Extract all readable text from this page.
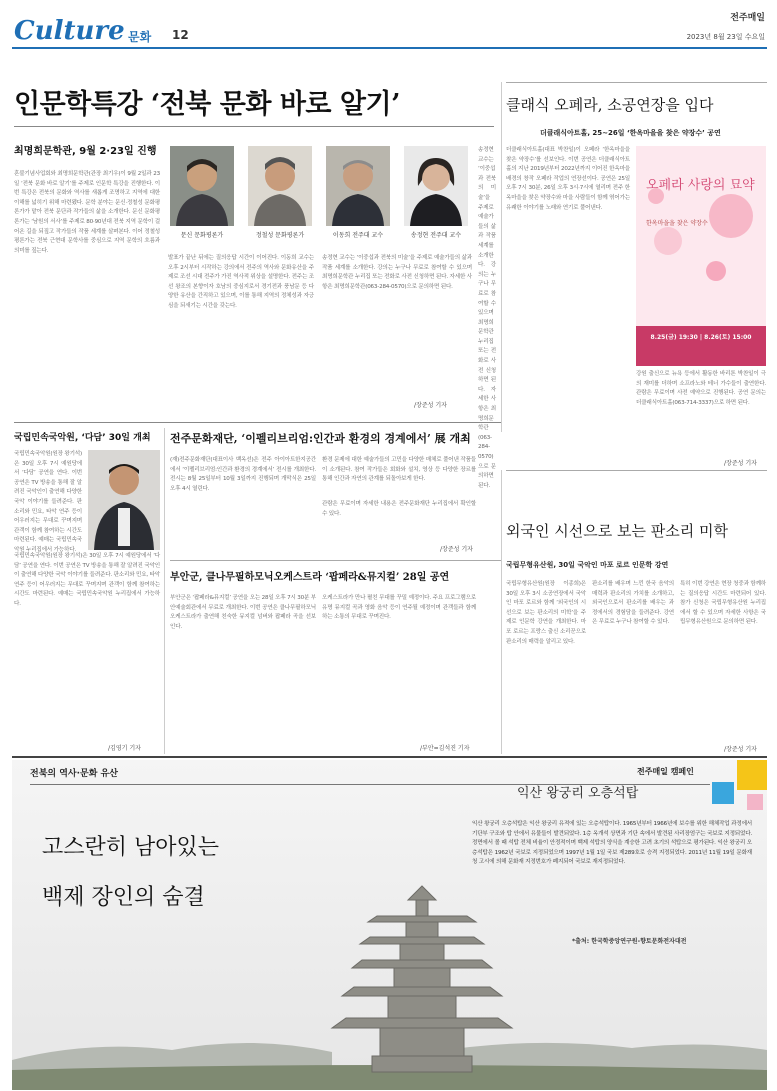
Culture 문화 12
전주매일
2023년 8월 23일 수요일
인문학특강 ‘전북 문화 바로 알기’
최명희문학관, 9월 2·23일 진행
문신 문화평론가	정철성 문화평론가	이동희 전주대 교수	송정현 전주대 교수
혼불기념사업회와 최명희문학관(관장 최기우)이 9월 2일과 23일 ‘전북 문화 바로 알기’를 주제로 인문학 특강을 진행한다. 이번 특강은 전북의 문화와 역사를 새롭게 조명하고 지역에 대한 이해를 넓히기 위해 마련됐다. 문학 분야는 문신·정철성 문화평론가가 맡아 전북 문단과 작가들의 삶을 소개한다. 문신 문화평론가는 ‘남원의 서사’를 주제로 80·90년대 전북 지역 문학이 걸어온 길을 되짚고 작가들의 작품 세계를 살펴본다. 이어 정철성 평론가는 전북 근현대 문학사를 중심으로 지역 문학의 흐름과 의미를 짚는다.
발표가 끝난 뒤에는 질의응답 시간이 이어진다. 이동희 교수는 오후 2시부터 시작하는 강의에서 전주의 역사와 문화유산을 주제로 조선 시대 전주가 가진 역사적 위상을 설명한다. 전주는 조선 왕조의 본향이자 호남의 중심지로서 경기전과 풍남문 등 다양한 유산을 간직하고 있으며, 이를 통해 지역의 정체성과 자긍심을 되새기는 시간을 갖는다.
송정현 교수는 ‘이중섭과 전북의 미술’을 주제로 예술가들의 삶과 작품 세계를 소개한다. 강의는 누구나 무료로 참여할 수 있으며 최명희문학관 누리집 또는 전화로 사전 신청하면 된다. 자세한 사항은 최명희문학관(063-284-0570)으로 문의하면 된다.
송정현 교수는 ‘이중섭과 전북의 미술’을 주제로 예술가들의 삶과 작품 세계를 소개한다. 강의는 누구나 무료로 참여할 수 있으며 최명희문학관 누리집 또는 전화로 사전 신청하면 된다. 자세한 사항은 최명희문학관(063-284-0570)으로 문의하면 된다.
/장준성 기자
클래식 오페라, 소공연장을 입다
더클래식아트홀, 25~26일 ‘한옥마을을 찾은 약장수’ 공연
더클래식아트홀(대표 박찬일)이 오페라 ‘한옥마을을 찾은 약장수’를 선보인다. 이번 공연은 더클래식아트홀의 지난 2019년부터 2022년까지 이어진 한옥마을 배경의 창작 오페라 작업의 연장선이다. 공연은 25일 오후 7시 30분, 26일 오후 3시·7시에 열리며 전주 한옥마을을 찾은 약장수와 마을 사람들이 함께 엮어가는 유쾌한 이야기를 노래와 연기로 풀어낸다.
오페라 사랑의 묘약
한옥마을을 찾은 약장수
8.25(금) 19:30 | 8.26(토) 15:00
강원 출신으로 뉴욕 등에서 활동한 바리톤 박찬일이 극의 재미를 더하며 소프라노와 테너 가수들이 출연한다. 관람은 무료이며 사전 예약으로 진행된다. 공연 문의는 더클래식아트홀(063-714-3337)으로 하면 된다.
/장준성 기자
국립민속국악원, ‘다담’ 30일 개최
국립민속국악원(원장 왕기석)은 30일 오후 7시 예원당에서 ‘다담’ 공연을 연다. 이번 공연은 TV 방송을 통해 잘 알려진 국악인이 출연해 다양한 국악 이야기를 들려준다. 판소리와 민요, 타악 연주 등이 어우러지는 무대로 꾸며지며 관객이 함께 참여하는 시간도 마련된다. 예매는 국립민속국악원 누리집에서 가능하다.
국립민속국악원(원장 왕기석)은 30일 오후 7시 예원당에서 ‘다담’ 공연을 연다. 이번 공연은 TV 방송을 통해 잘 알려진 국악인이 출연해 다양한 국악 이야기를 들려준다. 판소리와 민요, 타악 연주 등이 어우러지는 무대로 꾸며지며 관객이 함께 참여하는 시간도 마련된다. 예매는 국립민속국악원 누리집에서 가능하다.
/김영기 기자
전주문화재단, ‘이펠리브리엄:인간과 환경의 경계에서’ 展 개최
(재)전주문화재단(대표이사 백옥선)은 전주 아이아트한지공간에서 ‘이펠리브리엄:인간과 환경의 경계에서’ 전시를 개최한다. 전시는 8월 25일부터 10월 3일까지 진행되며 개막식은 25일 오후 4시 열린다.
환경 문제에 대한 예술가들의 고민을 다양한 매체로 풀어낸 작품들이 소개된다. 참여 작가들은 회화와 설치, 영상 등 다양한 장르를 통해 인간과 자연의 관계를 되돌아보게 한다.
관람은 무료이며 자세한 내용은 전주문화재단 누리집에서 확인할 수 있다.
/장준성 기자
부안군, 클나무필하모닉오케스트라 ‘팝페라&뮤지컬’ 28일 공연
부안군은 ‘팝페라&뮤지컬’ 공연을 오는 28일 오후 7시 30분 부안예술회관에서 무료로 개최한다. 이번 공연은 클나무필하모닉오케스트라가 출연해 친숙한 뮤지컬 넘버와 팝페라 곡을 선보인다.
오케스트라가 만나 펼친 무대를 꾸밀 예정이다. 주요 프로그램으로 유명 뮤지컬 곡과 영화 음악 등이 연주될 예정이며 관객들과 함께하는 소통의 무대로 꾸며진다.
/부안=김석진 기자
외국인 시선으로 보는 판소리 미학
국립무형유산원, 30일 국악인 마포 로르 인문학 강연
국립무형유산원(원장 이종희)은 30일 오후 3시 소공연장에서 국악인 마포 로르와 함께 ‘외국인의 시선으로 보는 판소리의 미학’을 주제로 인문학 강연을 개최한다. 마포 로르는 프랑스 출신 소리꾼으로 판소리의 매력을 알리고 있다.
판소리를 배우며 느낀 한국 음악의 매력과 판소리의 가치를 소개하고, 외국인으로서 판소리를 배우는 과정에서의 경험담을 들려준다. 강연은 무료로 누구나 참여할 수 있다.
특히 이번 강연은 현장 청중과 함께하는 질의응답 시간도 마련되어 있다. 참가 신청은 국립무형유산원 누리집에서 할 수 있으며 자세한 사항은 국립무형유산원으로 문의하면 된다.
/장준성 기자
전북의 역사·문화 유산	전주매일 캠페인
고스란히 남아있는
백제 장인의 숨결
익산 왕궁리 오층석탑
익산 왕궁리 오층석탑은 익산 왕궁리 유적에 있는 오층석탑이다. 1965년부터 1966년에 보수를 위한 해체작업 과정에서 기단부 구조와 탑 안에서 유물들이 발견되었다. 1층 옥개석 상면과 기단 속에서 발견된 사리장엄구는 국보로 지정되었다. 정면에서 볼 때 석탑 전체 비율이 안정적이며 백제 석탑의 양식을 계승한 고려 초기의 석탑으로 평가된다. 익산 왕궁리 오층석탑은 1962년 국보로 지정되었으며 1997년 1월 1일 국보 제289호로 승격 지정되었다. 2011년 11월 19일 문화재청 고시에 의해 문화재 지정번호가 폐지되어 국보로 재지정되었다.
*출처: 한국학중앙연구원-향토문화전자대전
